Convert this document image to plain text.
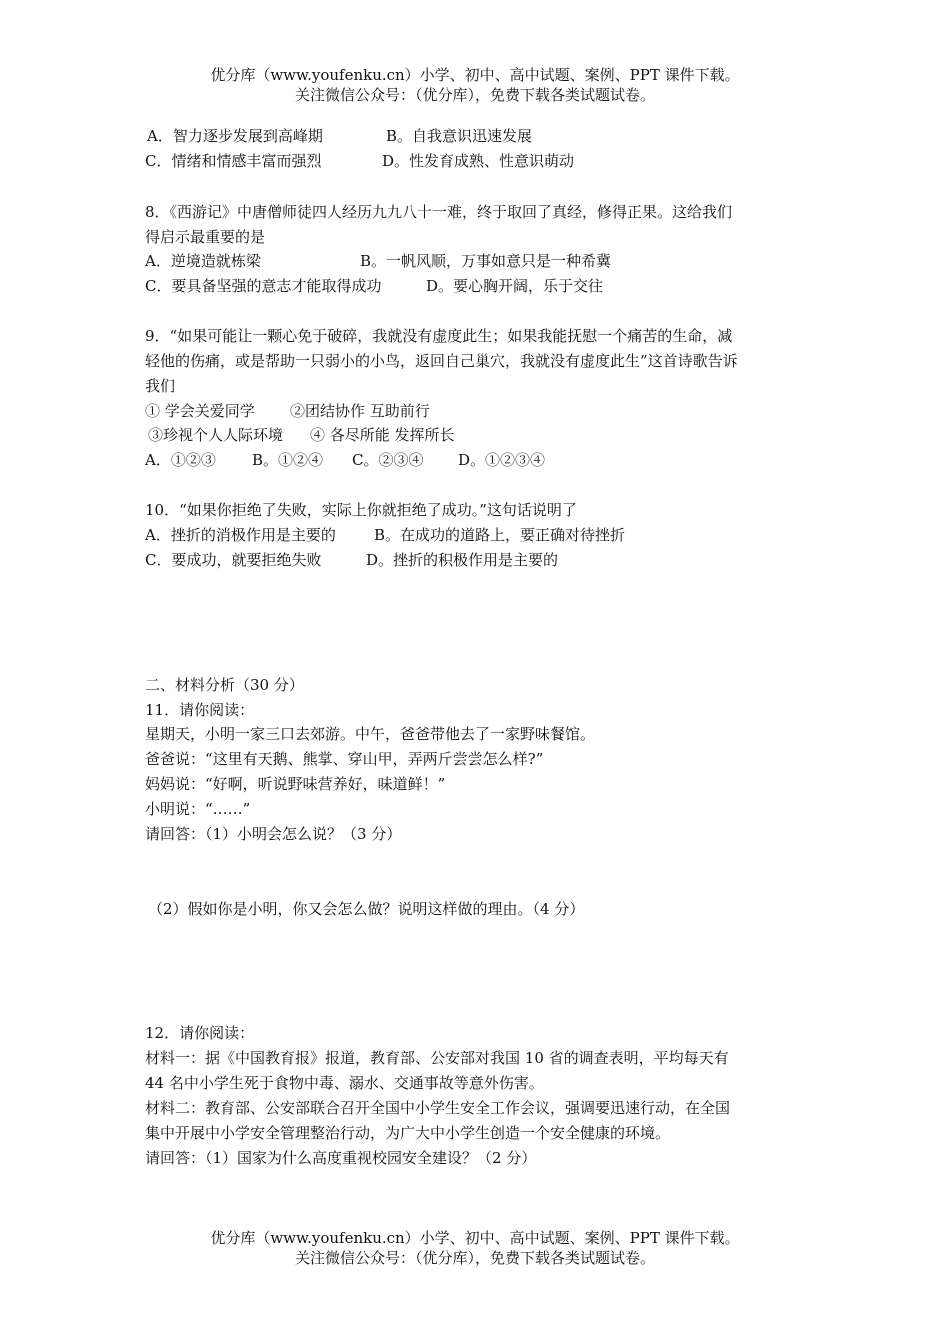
优分库（www.youfenku.cn）小学、初中、高中试题、案例、PPT 课件下载。
关注微信公众号：（优分库），免费下载各类试题试卷。
A．智力逐步发展到高峰期	B。自我意识迅速发展
C．情绪和情感丰富而强烈	D。性发育成熟、性意识萌动
8．《西游记》中唐僧师徒四人经历九九八十一难，终于取回了真经，修得正果。这给我们
得启示最重要的是
A．逆境造就栋梁	B。一帆风顺，万事如意只是一种希冀
C．要具备坚强的意志才能取得成功	D。要心胸开阔，乐于交往
9．“如果可能让一颗心免于破碎，我就没有虚度此生；如果我能抚慰一个痛苦的生命，减
轻他的伤痛，或是帮助一只弱小的小鸟，返回自己巢穴，我就没有虚度此生”这首诗歌告诉
我们
① 学会关爱同学 ②团结协作 互助前行
③珍视个人人际环境 ④ 各尽所能 发挥所长
A．①②③ B。①②④ C。②③④ D。①②③④
10．“如果你拒绝了失败，实际上你就拒绝了成功。”这句话说明了
A．挫折的消极作用是主要的	B。在成功的道路上，要正确对待挫折
C．要成功，就要拒绝失败	D。挫折的积极作用是主要的
二、材料分析（30 分）
11．请你阅读：
星期天，小明一家三口去郊游。中午，爸爸带他去了一家野味餐馆。
爸爸说：“这里有天鹅、熊掌、穿山甲，弄两斤尝尝怎么样?”
妈妈说：“好啊，听说野味营养好，味道鲜！”
小明说：“……”
请回答：（1）小明会怎么说？（3 分）
（2）假如你是小明，你又会怎么做？说明这样做的理由。（4 分）
12．请你阅读：
材料一：据《中国教育报》报道，教育部、公安部对我国 10 省的调查表明，平均每天有
44 名中小学生死于食物中毒、溺水、交通事故等意外伤害。
材料二：教育部、公安部联合召开全国中小学生安全工作会议，强调要迅速行动，在全国
集中开展中小学安全管理整治行动，为广大中小学生创造一个安全健康的环境。
请回答：（1）国家为什么高度重视校园安全建设？（2 分）
优分库（www.youfenku.cn）小学、初中、高中试题、案例、PPT 课件下载。
关注微信公众号：（优分库），免费下载各类试题试卷。
